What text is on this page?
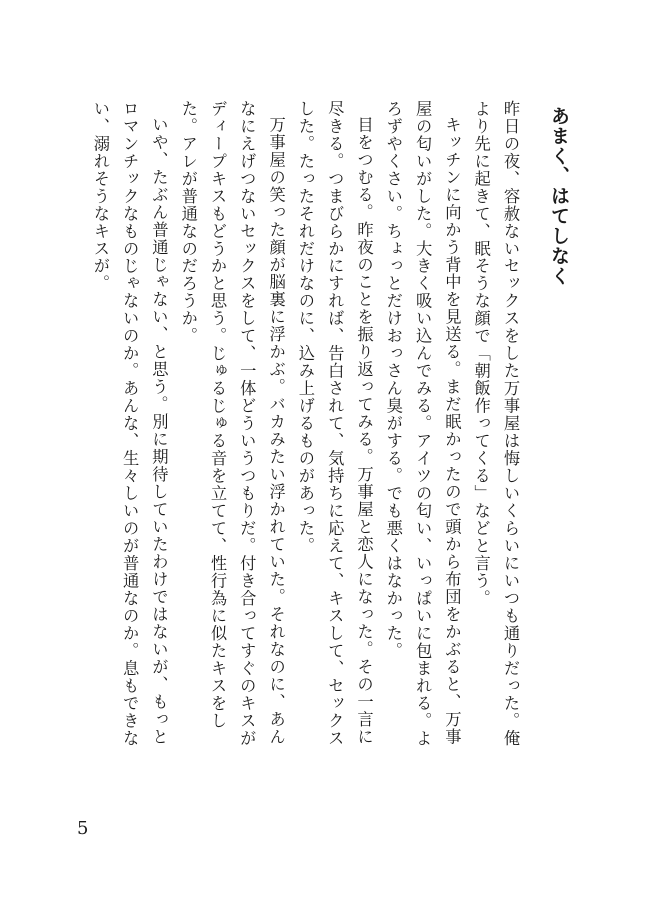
あまく、はてしなく

昨日の夜、容赦ないセックスをした万事屋は悔しいくらいにいつも通りだった。俺より先に起きて、眠そうな顔で「朝飯作ってくる」などと言う。

キッチンに向かう背中を見送る。まだ眠かったので頭から布団をかぶると、万事屋の匂いがした。大きく吸い込んでみる。アイツの匂い、いっぱいに包まれる。よろずやくさい。ちょっとだけおっさん臭がする。でも悪くはなかった。

目をつむる。昨夜のことを振り返ってみる。万事屋と恋人になった。その一言に尽きる。つまびらかにすれば、告白されて、気持ちに応えて、キスして、セックスした。たったそれだけなのに、込み上げるものがあった。

万事屋の笑った顔が脳裏に浮かぶ。バカみたい浮かれていた。それなのに、あんなにえげつないセックスをして、一体どういうつもりだ。付き合ってすぐのキスがディープキスもどうかと思う。じゅるじゅる音を立てて、性行為に似たキスをした。アレが普通なのだろうか。

いや、たぶん普通じゃない、と思う。別に期待していたわけではないが、もっとロマンチックなものじゃないのか。あんな、生々しいのが普通なのか。息もできない、溺れそうなキスが。

5
